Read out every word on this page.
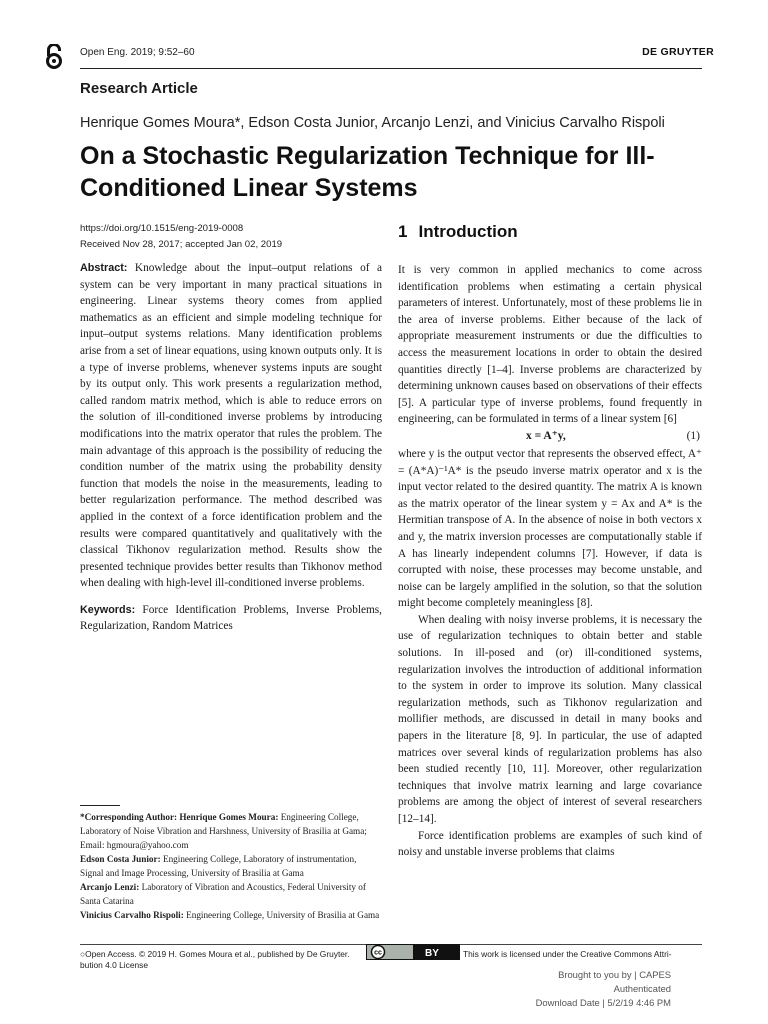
Open Eng. 2019; 9:52–60	DE GRUYTER
Research Article
Henrique Gomes Moura*, Edson Costa Junior, Arcanjo Lenzi, and Vinicius Carvalho Rispoli
On a Stochastic Regularization Technique for Ill-Conditioned Linear Systems
https://doi.org/10.1515/eng-2019-0008
Received Nov 28, 2017; accepted Jan 02, 2019

Abstract: Knowledge about the input–output relations of a system can be very important in many practical situations in engineering. Linear systems theory comes from applied mathematics as an efficient and simple modeling technique for input–output systems relations. Many identification problems arise from a set of linear equations, using known outputs only. It is a type of inverse problems, whenever systems inputs are sought by its output only. This work presents a regularization method, called random matrix method, which is able to reduce errors on the solution of ill-conditioned inverse problems by introducing modifications into the matrix operator that rules the problem. The main advantage of this approach is the possibility of reducing the condition number of the matrix using the probability density function that models the noise in the measurements, leading to better regularization performance. The method described was applied in the context of a force identification problem and the results were compared quantitatively and qualitatively with the classical Tikhonov regularization method. Results show the presented technique provides better results than Tikhonov method when dealing with high-level ill-conditioned inverse problems.

Keywords: Force Identification Problems, Inverse Problems, Regularization, Random Matrices

*Corresponding Author: Henrique Gomes Moura: Engineering College, Laboratory of Noise Vibration and Harshness, University of Brasilia at Gama; Email: hgmoura@yahoo.com
Edson Costa Junior: Engineering College, Laboratory of instrumentation, Signal and Image Processing, University of Brasilia at Gama
Arcanjo Lenzi: Laboratory of Vibration and Acoustics, Federal University of Santa Catarina
Vinicius Carvalho Rispoli: Engineering College, University of Brasilia at Gama
1 Introduction

It is very common in applied mechanics to come across identification problems when estimating a certain physical parameters of interest. Unfortunately, most of these problems lie in the area of inverse problems. Either because of the lack of appropriate measurement instruments or due the difficulties to access the measurement locations in order to obtain the desired quantities directly [1–4]. Inverse problems are characterized by determining unknown causes based on observations of their effects [5]. A particular type of inverse problems, found frequently in engineering, can be formulated in terms of a linear system [6]

x = A⁺y,	(1)

where y is the output vector that represents the observed effect, A⁺ = (A*A)⁻¹A* is the pseudo inverse matrix operator and x is the input vector related to the desired quantity. The matrix A is known as the matrix operator of the linear system y = Ax and A* is the Hermitian transpose of A. In the absence of noise in both vectors x and y, the matrix inversion processes are computationally stable if A has linearly independent columns [7]. However, if data is corrupted with noise, these processes may become unstable, and noise can be largely amplified in the solution, so that the solution might become completely meaningless [8].

When dealing with noisy inverse problems, it is necessary the use of regularization techniques to obtain better and stable solutions. In ill-posed and (or) ill-conditioned systems, regularization involves the introduction of additional information to the system in order to improve its solution. Many classical regularization methods, such as Tikhonov regularization and mollifier methods, are discussed in detail in many books and papers in the literature [8, 9]. In particular, the use of adapted matrices over several kinds of regularization problems has also been studied recently [10, 11]. Moreover, other regularization techniques that involve matrix learning and large covariance problems are among the object of interest of several researchers [12–14].

Force identification problems are examples of such kind of noisy and unstable inverse problems that claims

○Open Access. © 2019 H. Gomes Moura et al., published by De Gruyter.
bution 4.0 License
cc	BY	This work is licensed under the Creative Commons Attri-
Brought to you by | CAPES
Authenticated
Download Date | 5/2/19 4:46 PM
